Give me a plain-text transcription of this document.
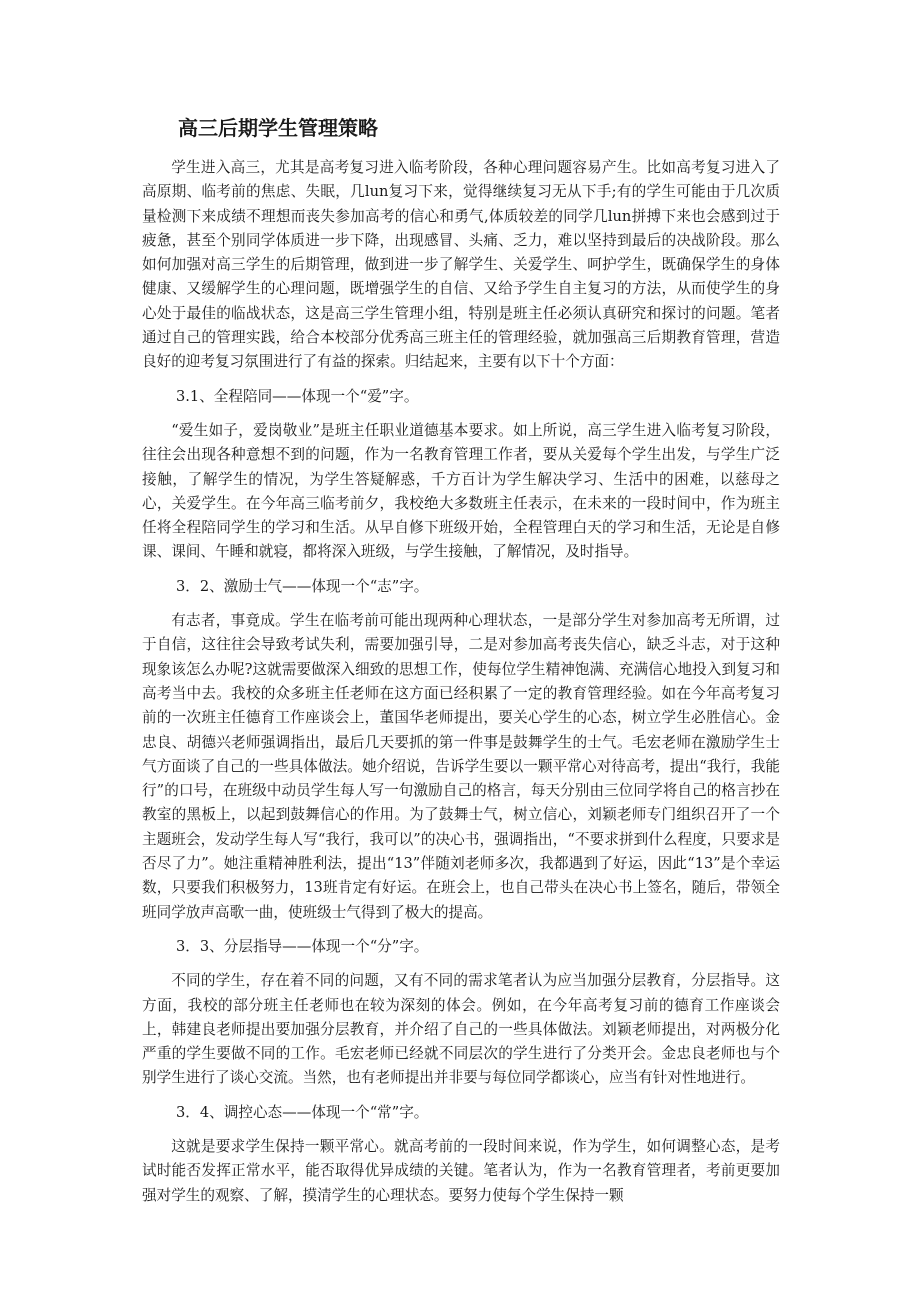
高三后期学生管理策略

学生进入高三，尤其是高考复习进入临考阶段，各种心理问题容易产生。比如高考复习进入了高原期、临考前的焦虑、失眠，几lun复习下来，觉得继续复习无从下手;有的学生可能由于几次质量检测下来成绩不理想而丧失参加高考的信心和勇气,体质较差的同学几lun拼搏下来也会感到过于疲惫，甚至个别同学体质进一步下降，出现感冒、头痛、乏力，难以坚持到最后的决战阶段。那么如何加强对高三学生的后期管理，做到进一步了解学生、关爱学生、呵护学生，既确保学生的身体健康、又缓解学生的心理问题，既增强学生的自信、又给予学生自主复习的方法，从而使学生的身心处于最佳的临战状态，这是高三学生管理小组，特别是班主任必须认真研究和探讨的问题。笔者通过自己的管理实践，给合本校部分优秀高三班主任的管理经验，就加强高三后期教育管理，营造良好的迎考复习氛围进行了有益的探索。归结起来，主要有以下十个方面：

3.1、全程陪同——体现一个“爱”字。

“爱生如子，爱岗敬业”是班主任职业道德基本要求。如上所说，高三学生进入临考复习阶段，往往会出现各种意想不到的问题，作为一名教育管理工作者，要从关爱每个学生出发，与学生广泛接触，了解学生的情况，为学生答疑解惑，千方百计为学生解决学习、生活中的困难，以慈母之心，关爱学生。在今年高三临考前夕，我校绝大多数班主任表示，在未来的一段时间中，作为班主任将全程陪同学生的学习和生活。从早自修下班级开始，全程管理白天的学习和生活，无论是自修课、课间、午睡和就寝，都将深入班级，与学生接触，了解情况，及时指导。

3．2、激励士气——体现一个“志”字。

有志者，事竟成。学生在临考前可能出现两种心理状态，一是部分学生对参加高考无所谓，过于自信，这往往会导致考试失利，需要加强引导，二是对参加高考丧失信心，缺乏斗志，对于这种现象该怎么办呢?这就需要做深入细致的思想工作，使每位学生精神饱满、充满信心地投入到复习和高考当中去。我校的众多班主任老师在这方面已经积累了一定的教育管理经验。如在今年高考复习前的一次班主任德育工作座谈会上，董国华老师提出，要关心学生的心态，树立学生必胜信心。金忠良、胡德兴老师强调指出，最后几天要抓的第一件事是鼓舞学生的士气。毛宏老师在激励学生士气方面谈了自己的一些具体做法。她介绍说，告诉学生要以一颗平常心对待高考，提出“我行，我能行”的口号，在班级中动员学生每人写一句激励自己的格言，每天分别由三位同学将自己的格言抄在教室的黑板上，以起到鼓舞信心的作用。为了鼓舞士气，树立信心，刘颖老师专门组织召开了一个主题班会，发动学生每人写“我行，我可以”的决心书，强调指出，“不要求拼到什么程度，只要求是否尽了力”。她注重精神胜利法，提出“13”伴随刘老师多次，我都遇到了好运，因此“13”是个幸运数，只要我们积极努力，13班肯定有好运。在班会上，也自己带头在决心书上签名，随后，带领全班同学放声高歌一曲，使班级士气得到了极大的提高。

3．3、分层指导——体现一个“分”字。

不同的学生，存在着不同的问题，又有不同的需求笔者认为应当加强分层教育，分层指导。这方面，我校的部分班主任老师也在较为深刻的体会。例如，在今年高考复习前的德育工作座谈会上，韩建良老师提出要加强分层教育，并介绍了自己的一些具体做法。刘颖老师提出，对两极分化严重的学生要做不同的工作。毛宏老师已经就不同层次的学生进行了分类开会。金忠良老师也与个别学生进行了谈心交流。当然，也有老师提出并非要与每位同学都谈心，应当有针对性地进行。

3．4、调控心态——体现一个“常”字。

这就是要求学生保持一颗平常心。就高考前的一段时间来说，作为学生，如何调整心态，是考试时能否发挥正常水平，能否取得优异成绩的关键。笔者认为，作为一名教育管理者，考前更要加强对学生的观察、了解，摸清学生的心理状态。要努力使每个学生保持一颗
